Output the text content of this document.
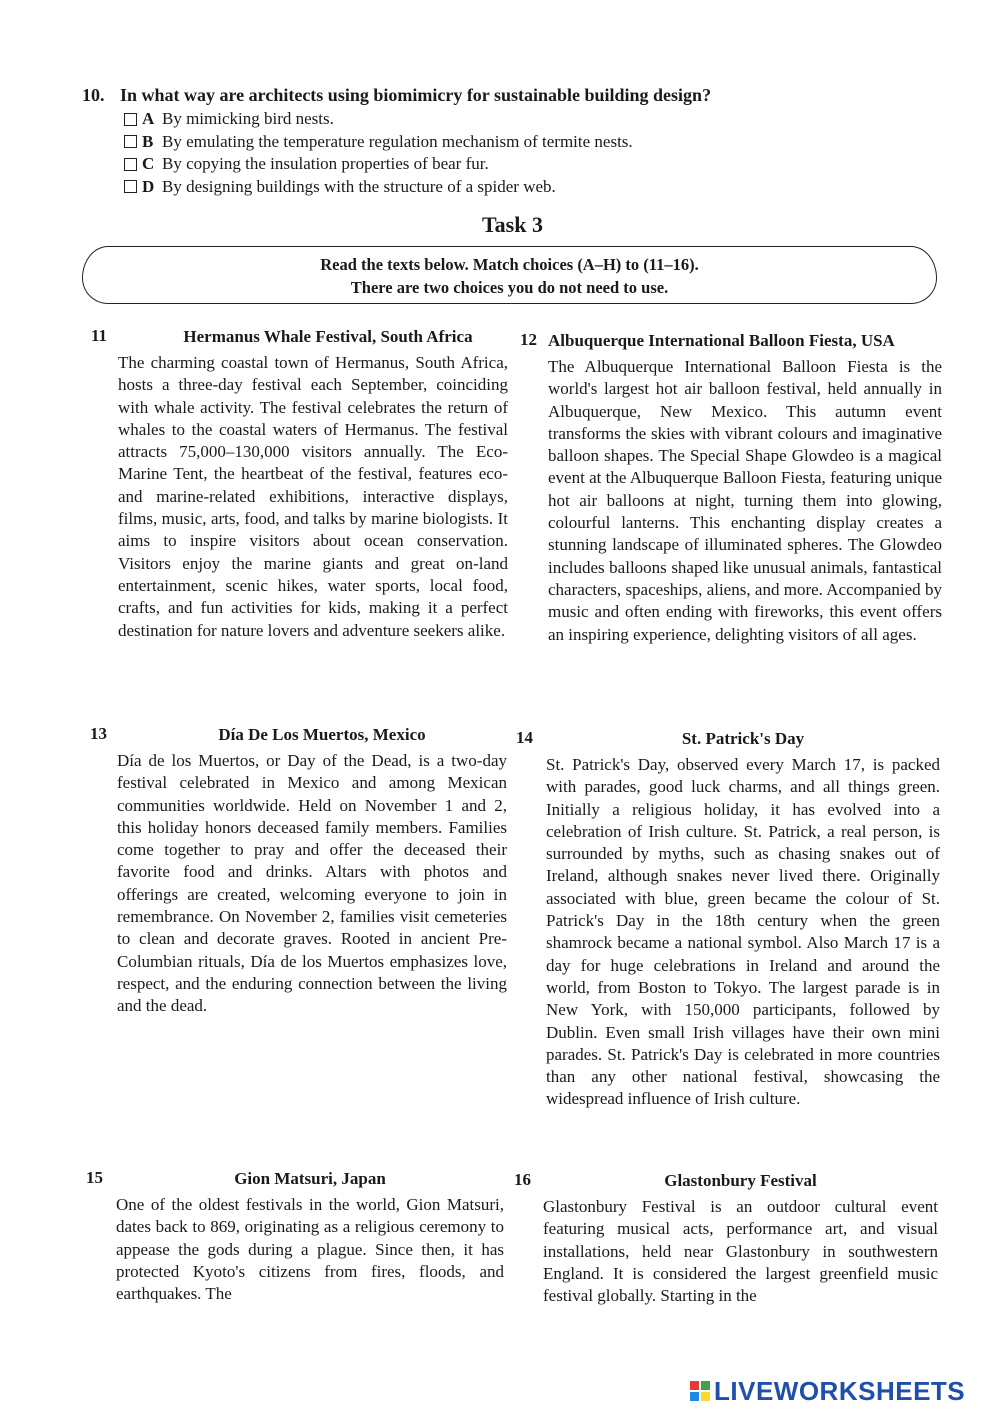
10. In what way are architects using biomimicry for sustainable building design?
A By mimicking bird nests.
B By emulating the temperature regulation mechanism of termite nests.
C By copying the insulation properties of bear fur.
D By designing buildings with the structure of a spider web.
Task 3
Read the texts below. Match choices (A–H) to (11–16).
There are two choices you do not need to use.
11	Hermanus Whale Festival, South Africa
The charming coastal town of Hermanus, South Africa, hosts a three-day festival each September, coinciding with whale activity. The festival celebrates the return of whales to the coastal waters of Hermanus. The festival attracts 75,000–130,000 visitors annually. The Eco-Marine Tent, the heartbeat of the festival, features eco- and marine-related exhibitions, interactive displays, films, music, arts, food, and talks by marine biologists. It aims to inspire visitors about ocean conservation. Visitors enjoy the marine giants and great on-land entertainment, scenic hikes, water sports, local food, crafts, and fun activities for kids, making it a perfect destination for nature lovers and adventure seekers alike.
12 Albuquerque International Balloon Fiesta, USA
The Albuquerque International Balloon Fiesta is the world's largest hot air balloon festival, held annually in Albuquerque, New Mexico. This autumn event transforms the skies with vibrant colours and imaginative balloon shapes. The Special Shape Glowdeo is a magical event at the Albuquerque Balloon Fiesta, featuring unique hot air balloons at night, turning them into glowing, colourful lanterns. This enchanting display creates a stunning landscape of illuminated spheres. The Glowdeo includes balloons shaped like unusual animals, fantastical characters, spaceships, aliens, and more. Accompanied by music and often ending with fireworks, this event offers an inspiring experience, delighting visitors of all ages.
13	Día De Los Muertos, Mexico
Día de los Muertos, or Day of the Dead, is a two-day festival celebrated in Mexico and among Mexican communities worldwide. Held on November 1 and 2, this holiday honors deceased family members. Families come together to pray and offer the deceased their favorite food and drinks. Altars with photos and offerings are created, welcoming everyone to join in remembrance. On November 2, families visit cemeteries to clean and decorate graves. Rooted in ancient Pre-Columbian rituals, Día de los Muertos emphasizes love, respect, and the enduring connection between the living and the dead.
14	St. Patrick's Day
St. Patrick's Day, observed every March 17, is packed with parades, good luck charms, and all things green. Initially a religious holiday, it has evolved into a celebration of Irish culture. St. Patrick, a real person, is surrounded by myths, such as chasing snakes out of Ireland, although snakes never lived there. Originally associated with blue, green became the colour of St. Patrick's Day in the 18th century when the green shamrock became a national symbol. Also March 17 is a day for huge celebrations in Ireland and around the world, from Boston to Tokyo. The largest parade is in New York, with 150,000 participants, followed by Dublin. Even small Irish villages have their own mini parades. St. Patrick's Day is celebrated in more countries than any other national festival, showcasing the widespread influence of Irish culture.
15	Gion Matsuri, Japan
One of the oldest festivals in the world, Gion Matsuri, dates back to 869, originating as a religious ceremony to appease the gods during a plague. Since then, it has protected Kyoto's citizens from fires, floods, and earthquakes. The
16	Glastonbury Festival
Glastonbury Festival is an outdoor cultural event featuring musical acts, performance art, and visual installations, held near Glastonbury in southwestern England. It is considered the largest greenfield music festival globally. Starting in the
LIVEWORKSHEETS
